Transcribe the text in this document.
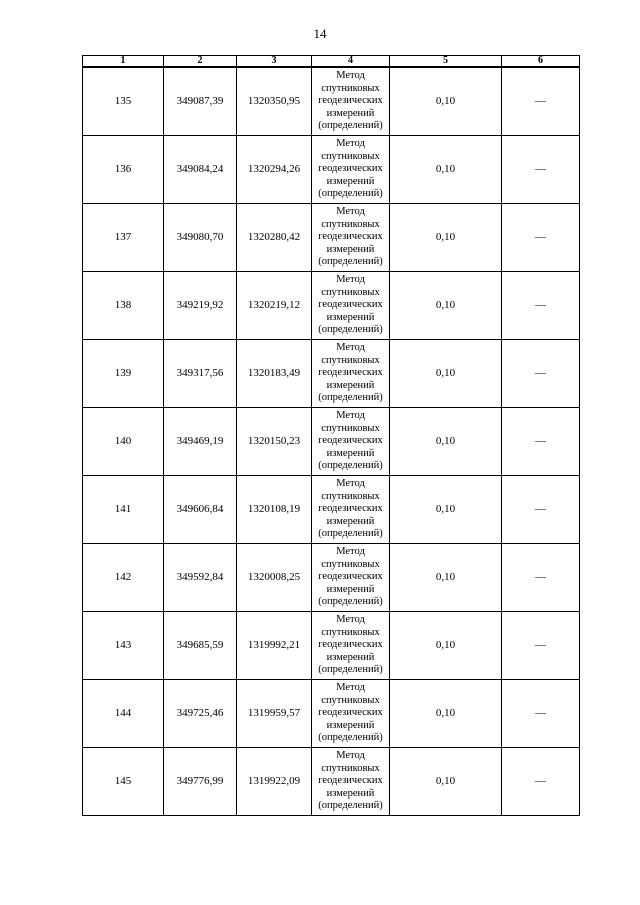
14
1	2	3	4	5	6
135	349087,39	1320350,95	Метод
спутниковых
геодезических
измерений
(определений)	0,10	—
136	349084,24	1320294,26	Метод
спутниковых
геодезических
измерений
(определений)	0,10	—
137	349080,70	1320280,42	Метод
спутниковых
геодезических
измерений
(определений)	0,10	—
138	349219,92	1320219,12	Метод
спутниковых
геодезических
измерений
(определений)	0,10	—
139	349317,56	1320183,49	Метод
спутниковых
геодезических
измерений
(определений)	0,10	—
140	349469,19	1320150,23	Метод
спутниковых
геодезических
измерений
(определений)	0,10	—
141	349606,84	1320108,19	Метод
спутниковых
геодезических
измерений
(определений)	0,10	—
142	349592,84	1320008,25	Метод
спутниковых
геодезических
измерений
(определений)	0,10	—
143	349685,59	1319992,21	Метод
спутниковых
геодезических
измерений
(определений)	0,10	—
144	349725,46	1319959,57	Метод
спутниковых
геодезических
измерений
(определений)	0,10	—
145	349776,99	1319922,09	Метод
спутниковых
геодезических
измерений
(определений)	0,10	—
